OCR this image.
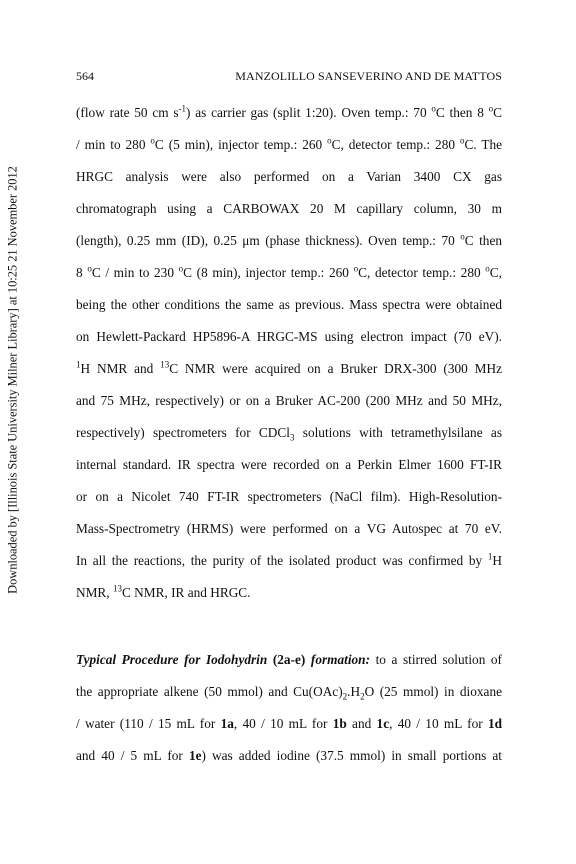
564	MANZOLILLO SANSEVERINO AND DE MATTOS
Downloaded by [Illinois State University Milner Library] at 10:25 21 November 2012
(flow rate 50 cm $s^{-1}$) as carrier gas (split 1:20). Oven temp.: 70 $^o$C then 8 $^o$C
/ min to 280 $^o$C (5 min), injector temp.: 260 $^o$C, detector temp.: 280 $^o$C. The
HRGC analysis were also performed on a Varian 3400 CX gas
chromatograph using a CARBOWAX 20 M capillary column, 30 m
(length), 0.25 mm (ID), 0.25 μm (phase thickness). Oven temp.: 70 $^o$C then
8 $^o$C / min to 230 $^o$C (8 min), injector temp.: 260 $^o$C, detector temp.: 280 $^o$C,
being the other conditions the same as previous. Mass spectra were obtained
on Hewlett-Packard HP5896-A HRGC-MS using electron impact (70 eV).
$^1$H NMR and $^{13}$C NMR were acquired on a Bruker DRX-300 (300 MHz
and 75 MHz, respectively) or on a Bruker AC-200 (200 MHz and 50 MHz,
respectively) spectrometers for CDCl$_3$ solutions with tetramethylsilane as
internal standard. IR spectra were recorded on a Perkin Elmer 1600 FT-IR
or on a Nicolet 740 FT-IR spectrometers (NaCl film). High-Resolution-
Mass-Spectrometry (HRMS) were performed on a VG Autospec at 70 eV.
In all the reactions, the purity of the isolated product was confirmed by $^1$H
NMR, $^{13}$C NMR, IR and HRGC.
Typical Procedure for Iodohydrin (2a-e) formation: to a stirred solution of
the appropriate alkene (50 mmol) and $Cu(OAc)_2.H_2O$ (25 mmol) in dioxane
/ water (110 / 15 mL for 1a, 40 / 10 mL for 1b and 1c, 40 / 10 mL for 1d
and 40 / 5 mL for 1e) was added iodine (37.5 mmol) in small portions at
